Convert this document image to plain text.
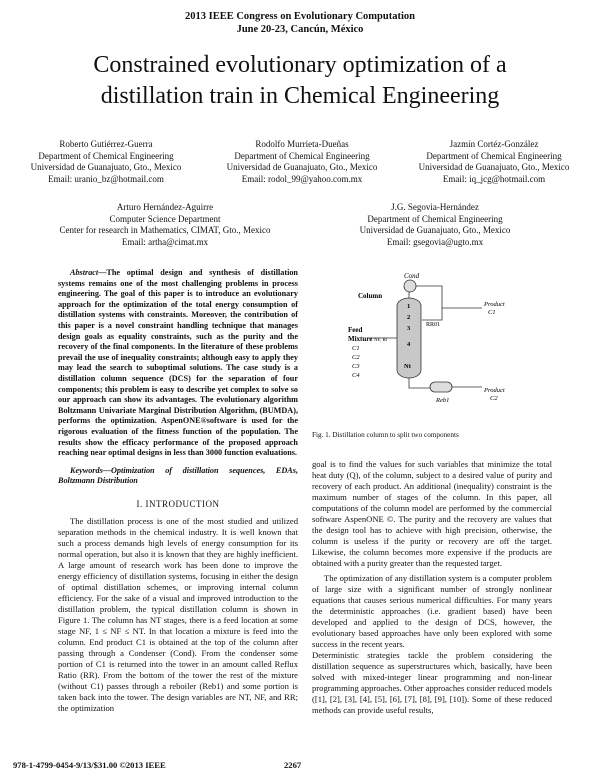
2013 IEEE Congress on Evolutionary Computation
June 20-23, Cancún, México
Constrained evolutionary optimization of a
distillation train in Chemical Engineering
Roberto Gutiérrez-Guerra
Department of Chemical Engineering
Universidad de Guanajuato, Gto., Mexico
Email: uranio_bz@hotmail.com
Rodolfo Murrieta-Dueñas
Department of Chemical Engineering
Universidad de Guanajuato, Gto., Mexico
Email: rodol_99@yahoo.com.mx
Jazmín Cortéz-González
Department of Chemical Engineering
Universidad de Guanajuato, Gto., Mexico
Email: iq_jcg@hotmail.com
Arturo Hernández-Aguirre
Computer Science Department
Center for research in Mathematics, CIMAT, Gto., Mexico
Email: artha@cimat.mx
J.G. Segovia-Hernández
Department of Chemical Engineering
Universidad de Guanajuato, Gto., Mexico
Email: gsegovia@ugto.mx

Abstract—The optimal design and synthesis of distillation systems remains one of the most challenging problems in process engineering. The goal of this paper is to introduce an evolutionary approach for the optimization of the total energy consumption of distillation systems with constraints. Moreover, the contribution of this paper is a novel constraint handling technique that manages design goals as equality constraints, such as the purity and the recovery of the final components. In the literature of these problems prevail the use of inequality constraints; although easy to apply they may lead the search to suboptimal solutions. The case study is a distillation column sequence (DCS) for the separation of four components; this problem is easy to describe yet complex to solve so our approach can show its advantages. The evolutionary algorithm Boltzmann Univariate Marginal Distribution Algorithm, (BUMDA), performs the optimization. AspenONE®software is used for the rigorous evaluation of the fitness function of the population. The results show the efficacy performance of the proposed approach reaching near optimal designs in less than 3000 function evaluations.

Keywords—Optimization of distillation sequences, EDAs, Boltzmann Distribution

I. INTRODUCTION

The distillation process is one of the most studied and utilized separation methods in the chemical industry. It is well known that such a process demands high levels of energy consumption for its normal operation, but also it is known that they are highly inefficient. A large amount of research work has been done to improve the energy efficiency of distillation systems, focusing in either the design of optimal distillation schemes, or improving internal column efficiency. For the sake of a visual and improved introduction to the distillation problem, the typical distillation column is shown in Figure 1. The column has NT stages, there is a feed location at some stage NF, 1 ≤ NF ≤ NT. In that location a mixture is feed into the column. End product C1 is obtained at the top of the column after passing through a Condenser (Cond). From the condenser some portion of C1 is returned into the tower in an amount called Reflux Ratio (RR). From the bottom of the tower the rest of the mixture (without C1) passes through a reboiler (Reb1) and some portion is taken back into the tower. The design variables are NT, NF, and RR; the optimization

Cond
Column
1
2
3
4
Nt
Product
C1
RR01
Feed
Mixture NF, Ri
C1
C2
C3
C4
Reb1
Product
C2
Fig. 1. Distillation column to split two components

goal is to find the values for such variables that minimize the total heat duty (Q), of the column, subject to a desired value of purity and recovery of each product. An additional (inequality) constraint is the maximum number of stages of the column. In this paper, all computations of the column model are performed by the commercial software AspenONE ©. The purity and the recovery are values that the design tool has to achieve with high precision, otherwise, the column is useless if the purity or recovery are off the target. Likewise, the column becomes more expensive if the products are obtained with a purity greater than the requested target.

The optimization of any distillation system is a computer problem of large size with a significant number of strongly nonlinear equations that causes serious numerical difficulties. For many years the deterministic approaches (i.e. gradient based) have been developed and applied to the design of DCS, however, the evolutionary based approaches have only been explored with some success in the recent years.

Deterministic strategies tackle the problem considering the distillation sequence as superstructures which, basically, have been solved with mixed-integer linear programming and non-linear programming approaches. Other approaches consider reduced models ([1], [2], [3], [4], [5], [6], [7], [8], [9], [10]). Some of these reduced methods can provide useful results,

978-1-4799-0454-9/13/$31.00 ©2013 IEEE	2267
